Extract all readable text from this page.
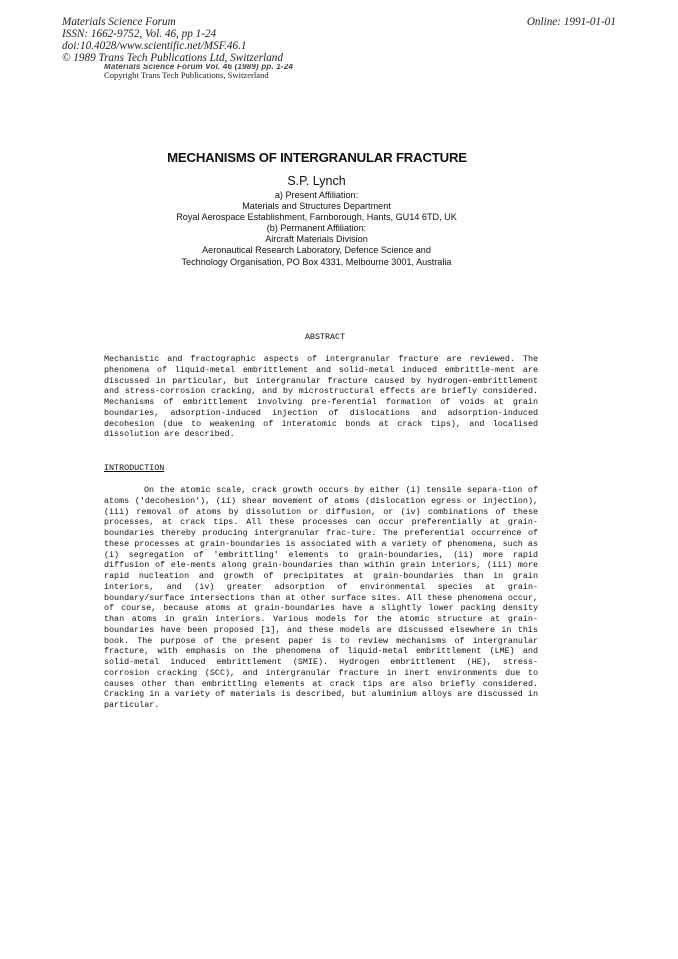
Materials Science Forum
ISSN: 1662-9752, Vol. 46, pp 1-24
doi:10.4028/www.scientific.net/MSF.46.1
© 1989 Trans Tech Publications Ltd, Switzerland
Online: 1991-01-01
Materials Science Forum Vol. 46 (1989) pp. 1-24
Copyright Trans Tech Publications, Switzerland
MECHANISMS OF INTERGRANULAR FRACTURE
S.P. Lynch
a) Present Affiliation:
Materials and Structures Department
Royal Aerospace Establishment, Farnborough, Hants, GU14 6TD, UK
(b) Permanent Affiliation:
Aircraft Materials Division
Aeronautical Research Laboratory, Defence Science and
Technology Organisation, PO Box 4331, Melbourne 3001, Australia
ABSTRACT

Mechanistic and fractographic aspects of intergranular fracture are reviewed. The phenomena of liquid-metal embrittlement and solid-metal induced embrittle-ment are discussed in particular, but intergranular fracture caused by hydrogen-embrittlement and stress-corrosion cracking, and by microstructural effects are briefly considered. Mechanisms of embrittlement involving pre-ferential formation of voids at grain boundaries, adsorption-induced injection of dislocations and adsorption-induced decohesion (due to weakening of interatomic bonds at crack tips), and localised dissolution are described.

INTRODUCTION

On the atomic scale, crack growth occurs by either (i) tensile separa-tion of atoms ('decohesion'), (ii) shear movement of atoms (dislocation egress or injection), (iii) removal of atoms by dissolution or diffusion, or (iv) combinations of these processes, at crack tips. All these processes can occur preferentially at grain-boundaries thereby producing intergranular frac-ture. The preferential occurrence of these processes at grain-boundaries is associated with a variety of phenomena, such as (i) segregation of 'embrittling' elements to grain-boundaries, (ii) more rapid diffusion of ele-ments along grain-boundaries than within grain interiors, (iii) more rapid nucleation and growth of precipitates at grain-boundaries than in grain interiors, and (iv) greater adsorption of environmental species at grain-boundary/surface intersections than at other surface sites. All these phenomena occur, of course, because atoms at grain-boundaries have a slightly lower packing density than atoms in grain interiors. Various models for the atomic structure at grain-boundaries have been proposed [1], and these models are discussed elsewhere in this book. The purpose of the present paper is to review mechanisms of intergranular fracture, with emphasis on the phenomena of liquid-metal embrittlement (LME) and solid-metal induced embrittlement (SMIE). Hydrogen embrittlement (HE), stress-corrosion cracking (SCC), and intergranular fracture in inert environments due to causes other than embrittling elements at crack tips are also briefly considered. Cracking in a variety of materials is described, but aluminium alloys are discussed in particular.
